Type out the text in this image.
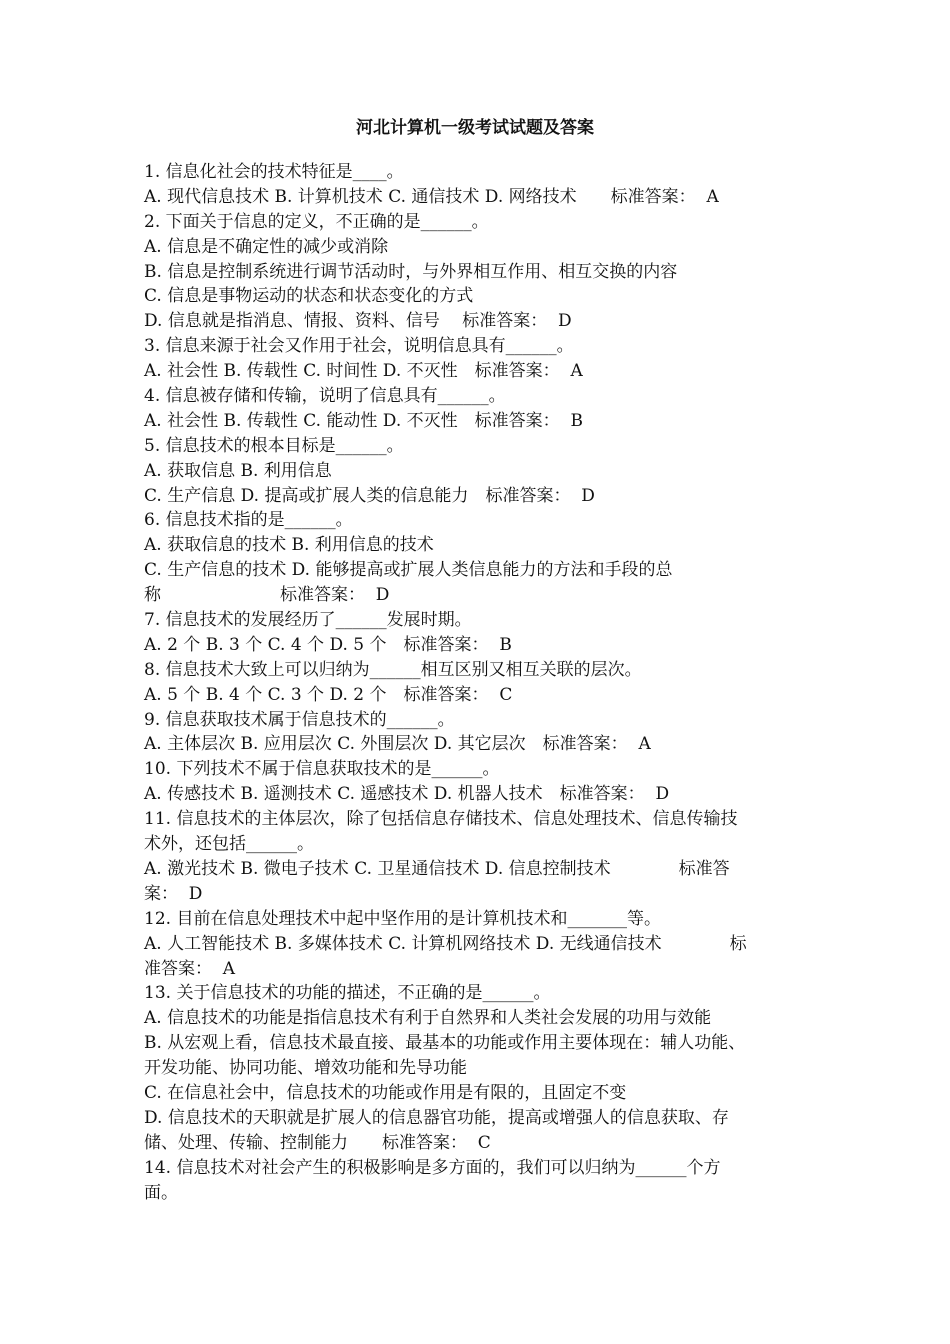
河北计算机一级考试试题及答案
1. 信息化社会的技术特征是____。
A. 现代信息技术 B. 计算机技术 C. 通信技术 D. 网络技术　　标准答案：  A
2. 下面关于信息的定义，不正确的是______。
A. 信息是不确定性的减少或消除
B. 信息是控制系统进行调节活动时，与外界相互作用、相互交换的内容
C. 信息是事物运动的状态和状态变化的方式
D. 信息就是指消息、情报、资料、信号　 标准答案：  D
3. 信息来源于社会又作用于社会，说明信息具有______。
A. 社会性 B. 传载性 C. 时间性 D. 不灭性　标准答案：  A
4. 信息被存储和传输，说明了信息具有______。
A. 社会性 B. 传载性 C. 能动性 D. 不灭性　标准答案：  B
5. 信息技术的根本目标是______。
A. 获取信息 B. 利用信息
C. 生产信息 D. 提高或扩展人类的信息能力　标准答案：  D
6. 信息技术指的是______。
A. 获取信息的技术 B. 利用信息的技术
C. 生产信息的技术 D. 能够提高或扩展人类信息能力的方法和手段的总
称　　　　　　　标准答案：  D
7. 信息技术的发展经历了______发展时期。
A. 2 个 B. 3 个 C. 4 个 D. 5 个　标准答案：  B
8. 信息技术大致上可以归纳为______相互区别又相互关联的层次。
A. 5 个 B. 4 个 C. 3 个 D. 2 个　标准答案：  C
9. 信息获取技术属于信息技术的______。
A. 主体层次 B. 应用层次 C. 外围层次 D. 其它层次　标准答案：  A
10. 下列技术不属于信息获取技术的是______。
A. 传感技术 B. 遥测技术 C. 遥感技术 D. 机器人技术　标准答案：  D
11. 信息技术的主体层次，除了包括信息存储技术、信息处理技术、信息传输技
术外，还包括______。
A. 激光技术 B. 微电子技术 C. 卫星通信技术 D. 信息控制技术　　　　标准答
案：  D
12. 目前在信息处理技术中起中坚作用的是计算机技术和_______等。
A. 人工智能技术 B. 多媒体技术 C. 计算机网络技术 D. 无线通信技术　　　　标
准答案：  A
13. 关于信息技术的功能的描述，不正确的是______。
A. 信息技术的功能是指信息技术有利于自然界和人类社会发展的功用与效能
B. 从宏观上看，信息技术最直接、最基本的功能或作用主要体现在：辅人功能、
开发功能、协同功能、增效功能和先导功能
C. 在信息社会中，信息技术的功能或作用是有限的，且固定不变
D. 信息技术的天职就是扩展人的信息器官功能，提高或增强人的信息获取、存
储、处理、传输、控制能力　　标准答案：  C
14. 信息技术对社会产生的积极影响是多方面的，我们可以归纳为______个方
面。
